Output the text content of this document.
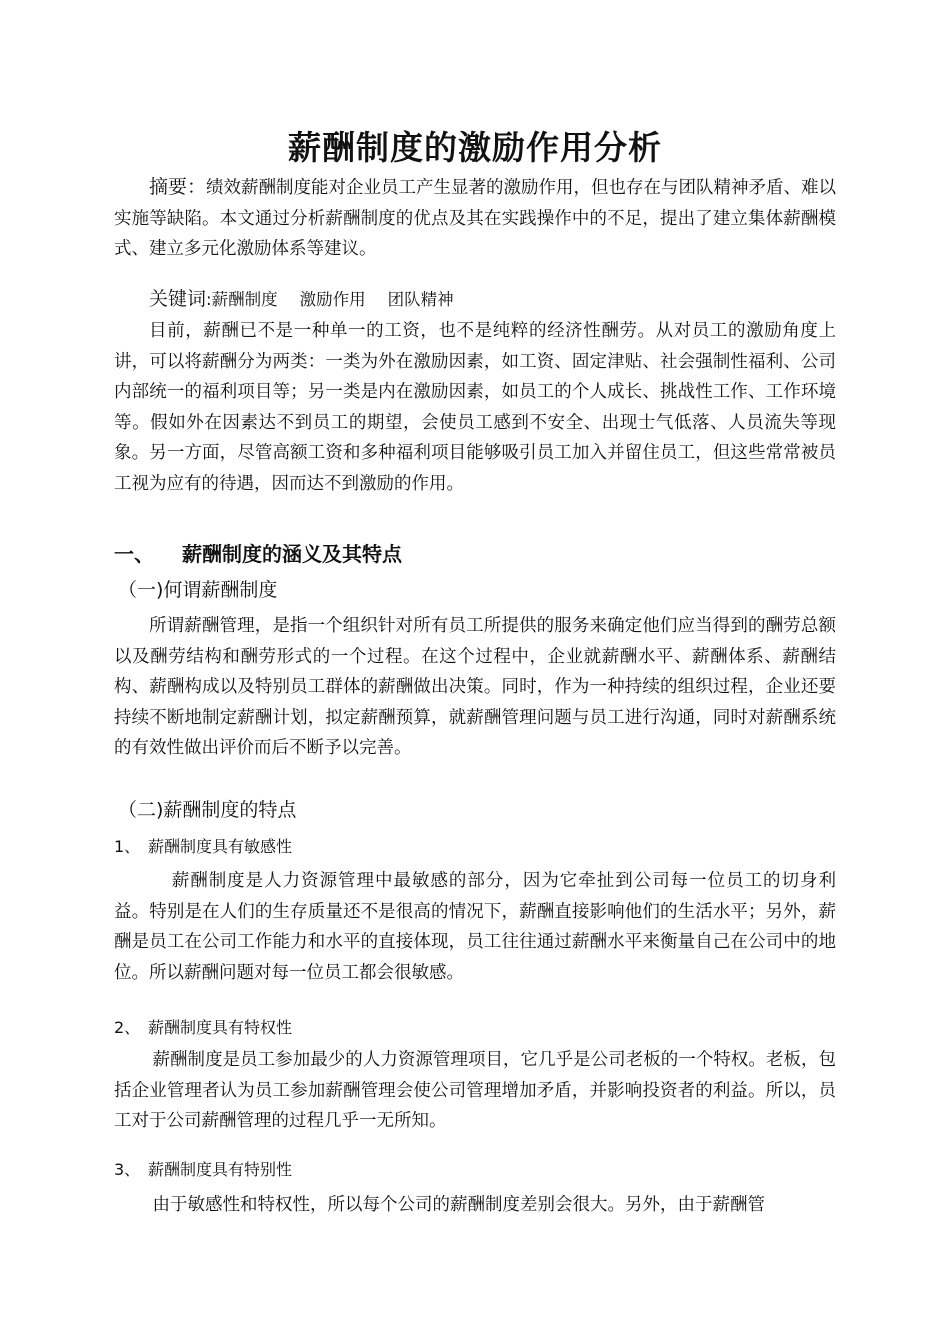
薪酬制度的激励作用分析
摘要：绩效薪酬制度能对企业员工产生显著的激励作用，但也存在与团队精神矛盾、难以实施等缺陷。本文通过分析薪酬制度的优点及其在实践操作中的不足，提出了建立集体薪酬模式、建立多元化激励体系等建议。
关键词:薪酬制度 激励作用 团队精神
目前，薪酬已不是一种单一的工资，也不是纯粹的经济性酬劳。从对员工的激励角度上讲，可以将薪酬分为两类：一类为外在激励因素，如工资、固定津贴、社会强制性福利、公司内部统一的福利项目等；另一类是内在激励因素，如员工的个人成长、挑战性工作、工作环境等。假如外在因素达不到员工的期望，会使员工感到不安全、出现士气低落、人员流失等现象。另一方面，尽管高额工资和多种福利项目能够吸引员工加入并留住员工，但这些常常被员工视为应有的待遇，因而达不到激励的作用。
一、 薪酬制度的涵义及其特点
（一)何谓薪酬制度
所谓薪酬管理，是指一个组织针对所有员工所提供的服务来确定他们应当得到的酬劳总额以及酬劳结构和酬劳形式的一个过程。在这个过程中，企业就薪酬水平、薪酬体系、薪酬结构、薪酬构成以及特别员工群体的薪酬做出决策。同时，作为一种持续的组织过程，企业还要持续不断地制定薪酬计划，拟定薪酬预算，就薪酬管理问题与员工进行沟通，同时对薪酬系统的有效性做出评价而后不断予以完善。
（二)薪酬制度的特点
1、 薪酬制度具有敏感性
薪酬制度是人力资源管理中最敏感的部分，因为它牵扯到公司每一位员工的切身利益。特别是在人们的生存质量还不是很高的情况下，薪酬直接影响他们的生活水平；另外，薪酬是员工在公司工作能力和水平的直接体现，员工往往通过薪酬水平来衡量自己在公司中的地位。所以薪酬问题对每一位员工都会很敏感。
2、 薪酬制度具有特权性
薪酬制度是员工参加最少的人力资源管理项目，它几乎是公司老板的一个特权。老板，包括企业管理者认为员工参加薪酬管理会使公司管理增加矛盾，并影响投资者的利益。所以，员工对于公司薪酬管理的过程几乎一无所知。
3、 薪酬制度具有特别性
由于敏感性和特权性，所以每个公司的薪酬制度差别会很大。另外，由于薪酬管
